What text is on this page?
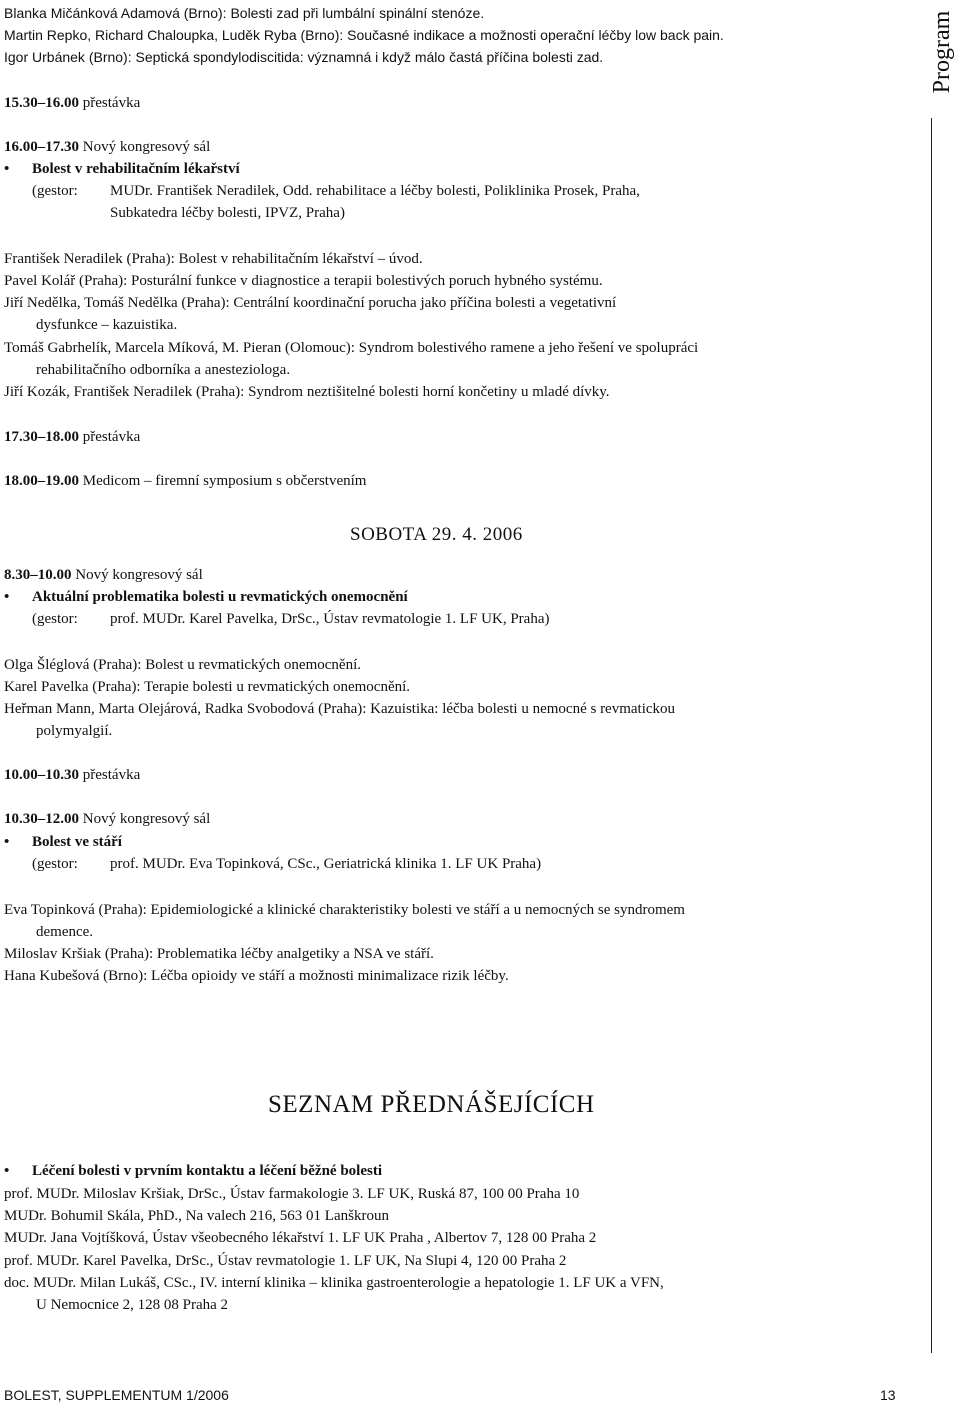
Program
Blanka Mičánková Adamová (Brno): Bolesti zad při lumbální spinální stenóze.
Martin Repko, Richard Chaloupka, Luděk Ryba (Brno): Současné indikace a možnosti operační léčby low back pain.
Igor Urbánek (Brno): Septická spondylodiscitida: významná i když málo častá příčina bolesti zad.
15.30–16.00 přestávka
16.00–17.30 Nový kongresový sál
• Bolest v rehabilitačním lékařství
(gestor: MUDr. František Neradilek, Odd. rehabilitace a léčby bolesti, Poliklinika Prosek, Praha,
Subkatedra léčby bolesti, IPVZ, Praha)
František Neradilek (Praha): Bolest v rehabilitačním lékařství – úvod.
Pavel Kolář (Praha): Posturální funkce v diagnostice a terapii bolestivých poruch hybného systému.
Jiří Nedělka, Tomáš Nedělka (Praha): Centrální koordinační porucha jako příčina bolesti a vegetativní
dysfunkce – kazuistika.
Tomáš Gabrhelík, Marcela Míková, M. Pieran (Olomouc): Syndrom bolestivého ramene a jeho řešení ve spolupráci
rehabilitačního odborníka a anesteziologa.
Jiří Kozák, František Neradilek (Praha): Syndrom neztišitelné bolesti horní končetiny u mladé dívky.
17.30–18.00 přestávka
18.00–19.00 Medicom – firemní symposium s občerstvením
SOBOTA 29. 4. 2006
8.30–10.00 Nový kongresový sál
• Aktuální problematika bolesti u revmatických onemocnění
(gestor: prof. MUDr. Karel Pavelka, DrSc., Ústav revmatologie 1. LF UK, Praha)
Olga Šléglová (Praha): Bolest u revmatických onemocnění.
Karel Pavelka (Praha): Terapie bolesti u revmatických onemocnění.
Heřman Mann, Marta Olejárová, Radka Svobodová (Praha): Kazuistika: léčba bolesti u nemocné s revmatickou
polymyalgií.
10.00–10.30 přestávka
10.30–12.00 Nový kongresový sál
• Bolest ve stáří
(gestor: prof. MUDr. Eva Topinková, CSc., Geriatrická klinika 1. LF UK Praha)
Eva Topinková (Praha): Epidemiologické a klinické charakteristiky bolesti ve stáří a u nemocných se syndromem
demence.
Miloslav Kršiak (Praha): Problematika léčby analgetiky a NSA ve stáří.
Hana Kubešová (Brno): Léčba opioidy ve stáří a možnosti minimalizace rizik léčby.
SEZNAM PŘEDNÁŠEJÍCÍCH
• Léčení bolesti v prvním kontaktu a léčení běžné bolesti
prof. MUDr. Miloslav Kršiak, DrSc., Ústav farmakologie 3. LF UK, Ruská 87, 100 00 Praha 10
MUDr. Bohumil Skála, PhD., Na valech 216, 563 01 Lanškroun
MUDr. Jana Vojtíšková, Ústav všeobecného lékařství 1. LF UK Praha , Albertov 7, 128 00 Praha 2
prof. MUDr. Karel Pavelka, DrSc., Ústav revmatologie 1. LF UK, Na Slupi 4, 120 00 Praha 2
doc. MUDr. Milan Lukáš, CSc., IV. interní klinika – klinika gastroenterologie a hepatologie 1. LF UK a VFN,
U Nemocnice 2, 128 08 Praha 2
BOLEST, SUPPLEMENTUM 1/2006	13
